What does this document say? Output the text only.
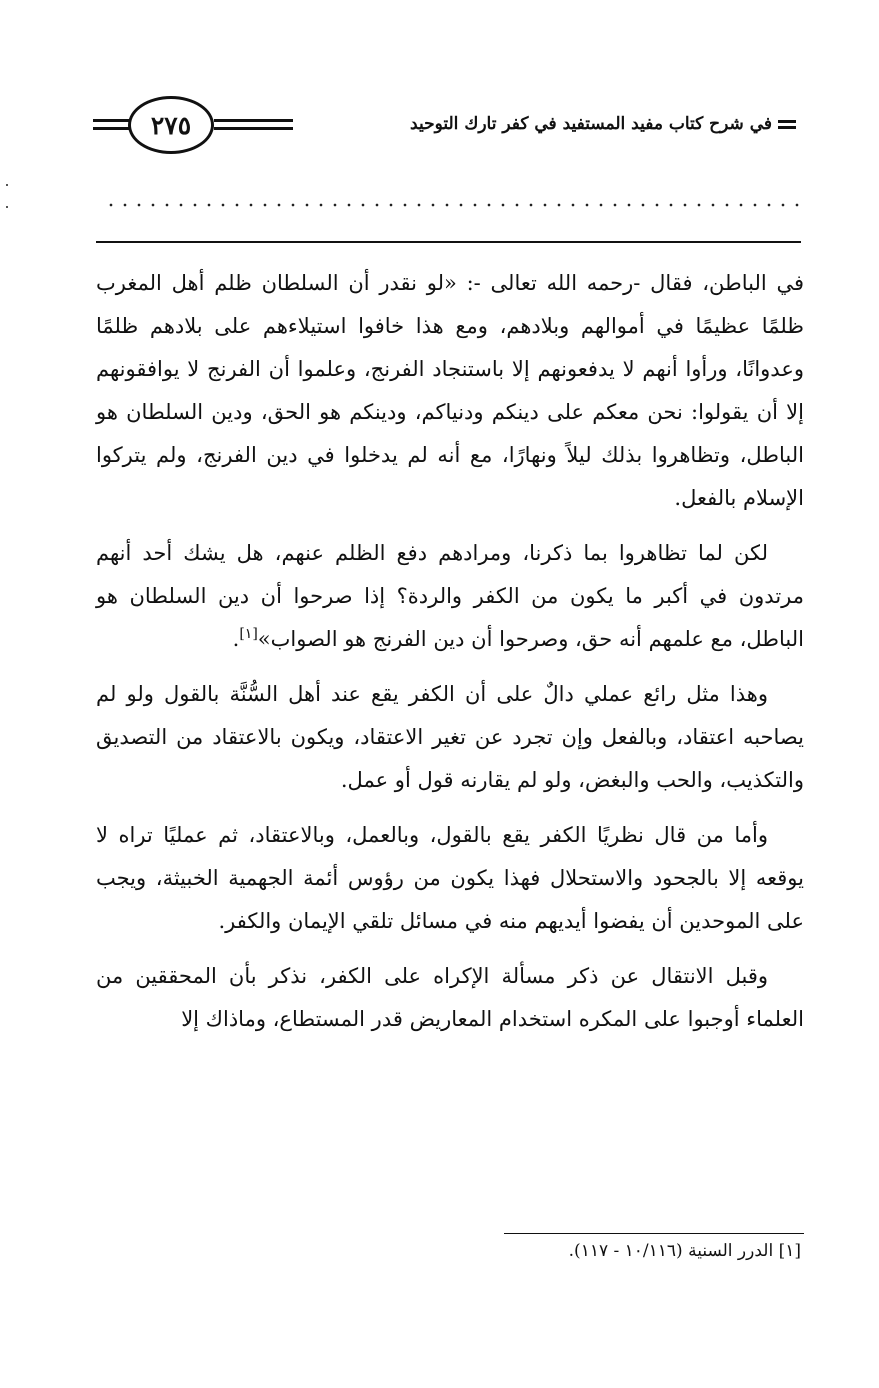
٢٧٥	في شرح كتاب مفيد المستفيد في كفر تارك التوحيد

في الباطن، فقال -رحمه الله تعالى -: «لو نقدر أن السلطان ظلم أهل المغرب ظلمًا عظيمًا في أموالهم وبلادهم، ومع هذا خافوا استيلاءهم على بلادهم ظلمًا وعدوانًا، ورأوا أنهم لا يدفعونهم إلا باستنجاد الفرنج، وعلموا أن الفرنج لا يوافقونهم إلا أن يقولوا: نحن معكم على دينكم ودنياكم، ودينكم هو الحق، ودين السلطان هو الباطل، وتظاهروا بذلك ليلاً ونهارًا، مع أنه لم يدخلوا في دين الفرنج، ولم يتركوا الإسلام بالفعل.

لكن لما تظاهروا بما ذكرنا، ومرادهم دفع الظلم عنهم، هل يشك أحد أنهم مرتدون في أكبر ما يكون من الكفر والردة؟ إذا صرحوا أن دين السلطان هو الباطل، مع علمهم أنه حق، وصرحوا أن دين الفرنج هو الصواب»[١].

وهذا مثل رائع عملي دالٌ على أن الكفر يقع عند أهل السُّنَّة بالقول ولو لم يصاحبه اعتقاد، وبالفعل وإن تجرد عن تغير الاعتقاد، ويكون بالاعتقاد من التصديق والتكذيب، والحب والبغض، ولو لم يقارنه قول أو عمل.

وأما من قال نظريًا الكفر يقع بالقول، وبالعمل، وبالاعتقاد، ثم عمليًا تراه لا يوقعه إلا بالجحود والاستحلال فهذا يكون من رؤوس أئمة الجهمية الخبيثة، ويجب على الموحدين أن يفضوا أيديهم منه في مسائل تلقي الإيمان والكفر.

وقبل الانتقال عن ذكر مسألة الإكراه على الكفر، نذكر بأن المحققين من العلماء أوجبوا على المكره استخدام المعاريض قدر المستطاع، وماذاك إلا

[١] الدرر السنية (١٠/١١٦ - ١١٧).
